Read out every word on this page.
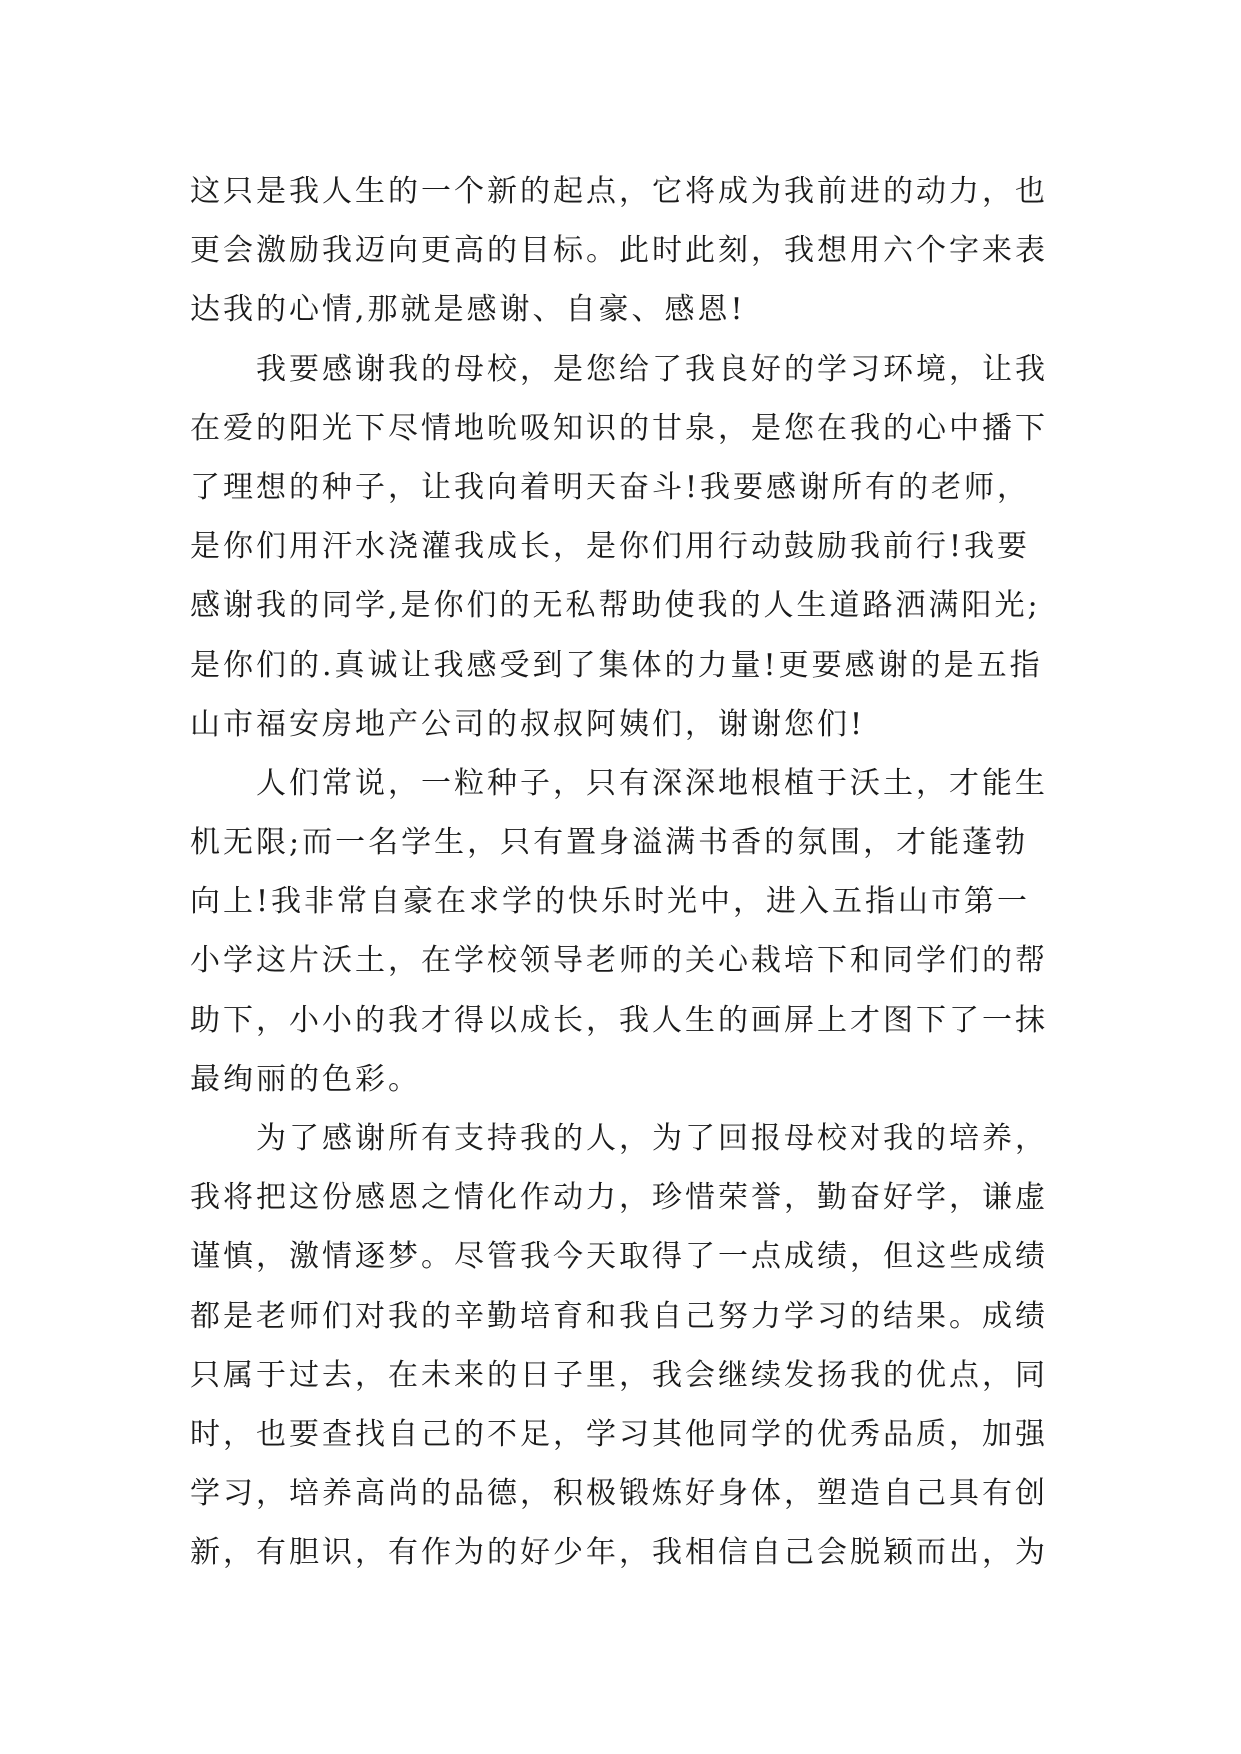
这只是我人生的一个新的起点，它将成为我前进的动力，也
更会激励我迈向更高的目标。此时此刻，我想用六个字来表
达我的心情,那就是感谢、自豪、感恩!
　　我要感谢我的母校，是您给了我良好的学习环境，让我
在爱的阳光下尽情地吮吸知识的甘泉，是您在我的心中播下
了理想的种子，让我向着明天奋斗!我要感谢所有的老师，
是你们用汗水浇灌我成长，是你们用行动鼓励我前行!我要
感谢我的同学,是你们的无私帮助使我的人生道路洒满阳光;
是你们的.真诚让我感受到了集体的力量!更要感谢的是五指
山市福安房地产公司的叔叔阿姨们，谢谢您们!
　　人们常说，一粒种子，只有深深地根植于沃土，才能生
机无限;而一名学生，只有置身溢满书香的氛围，才能蓬勃
向上!我非常自豪在求学的快乐时光中，进入五指山市第一
小学这片沃土，在学校领导老师的关心栽培下和同学们的帮
助下，小小的我才得以成长，我人生的画屏上才图下了一抹
最绚丽的色彩。
　　为了感谢所有支持我的人，为了回报母校对我的培养，
我将把这份感恩之情化作动力，珍惜荣誉，勤奋好学，谦虚
谨慎，激情逐梦。尽管我今天取得了一点成绩，但这些成绩
都是老师们对我的辛勤培育和我自己努力学习的结果。成绩
只属于过去，在未来的日子里，我会继续发扬我的优点，同
时，也要查找自己的不足，学习其他同学的优秀品质，加强
学习，培养高尚的品德，积极锻炼好身体，塑造自己具有创
新，有胆识，有作为的好少年，我相信自己会脱颖而出，为
